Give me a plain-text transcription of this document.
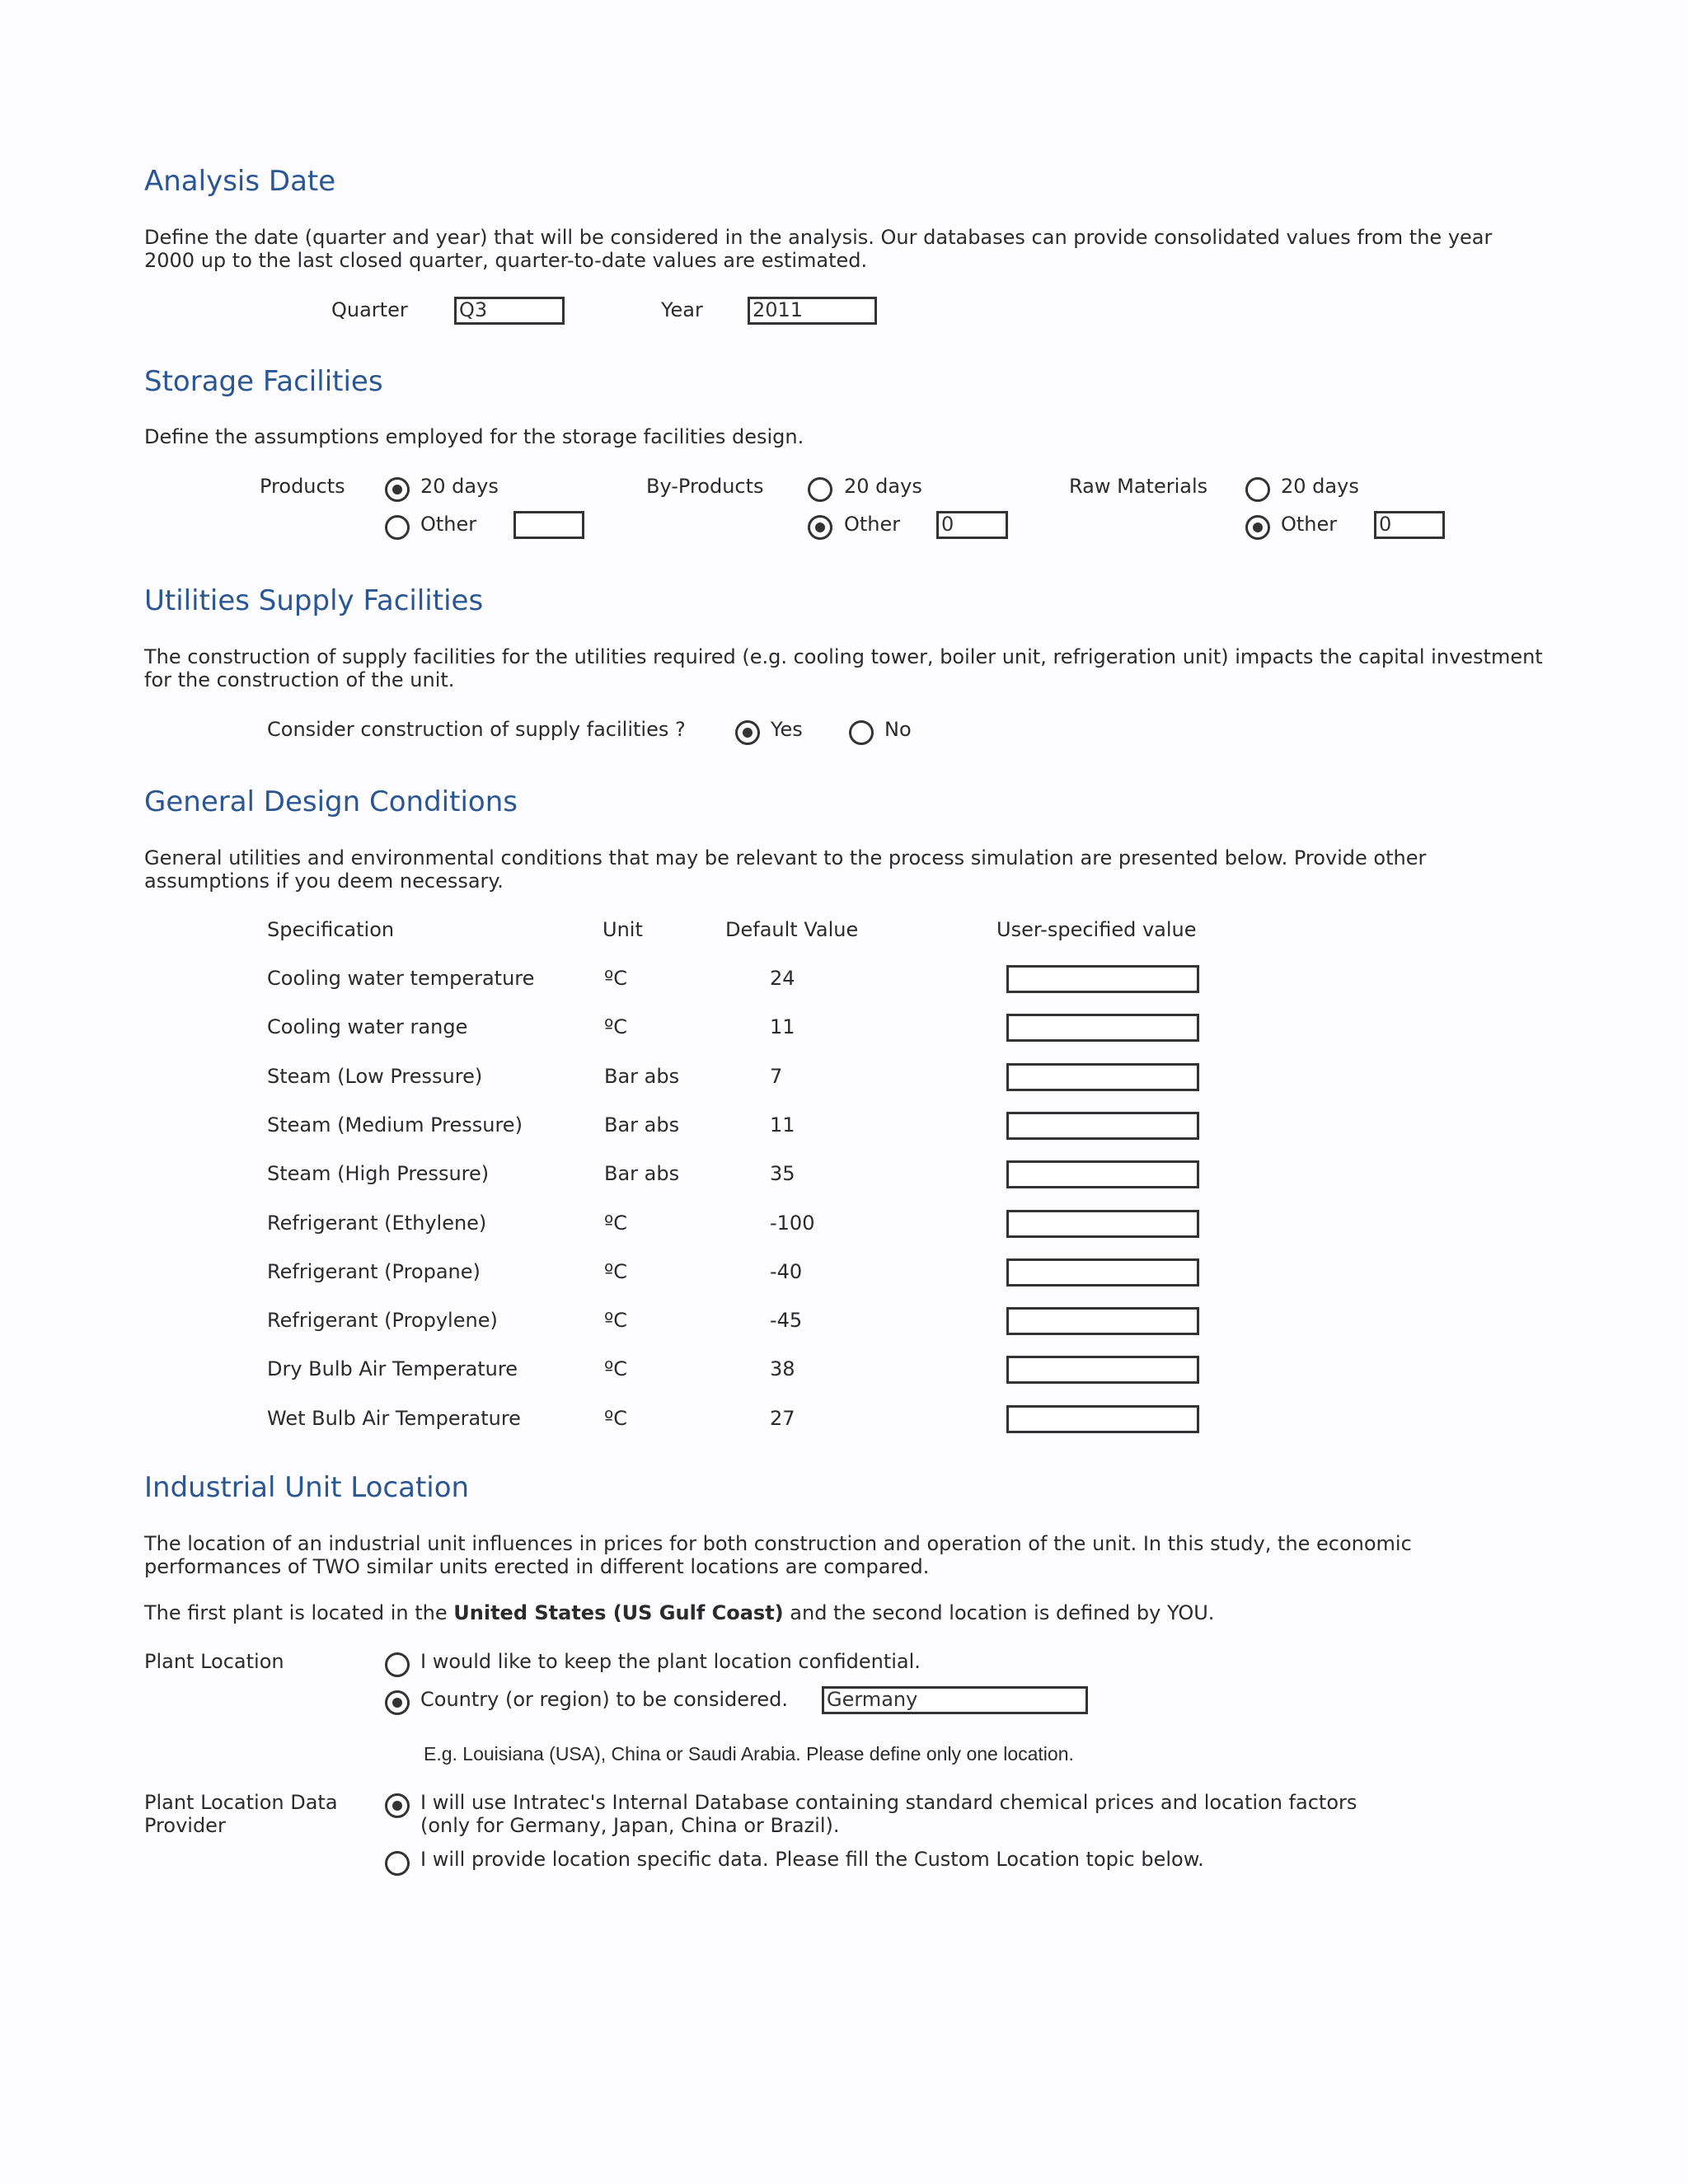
Analysis Date
Define the date (quarter and year) that will be considered in the analysis. Our databases can provide consolidated values from the year 2000 up to the last closed quarter, quarter-to-date values are estimated.
Quarter	Q3	Year	2011
Storage Facilities
Define the assumptions employed for the storage facilities design.
Products	20 days
Other
By-Products	20 days
Other 0
Raw Materials	20 days
Other 0
Utilities Supply Facilities
The construction of supply facilities for the utilities required (e.g. cooling tower, boiler unit, refrigeration unit) impacts the capital investment for the construction of the unit.
Consider construction of supply facilities ?	Yes	No
General Design Conditions
General utilities and environmental conditions that may be relevant to the process simulation are presented below. Provide other assumptions if you deem necessary.
Specification	Unit	Default Value	User-specified value
Cooling water temperature	ºC	24
Cooling water range	ºC	11
Steam (Low Pressure)	Bar abs	7
Steam (Medium Pressure)	Bar abs	11
Steam (High Pressure)	Bar abs	35
Refrigerant (Ethylene)	ºC	-100
Refrigerant (Propane)	ºC	-40
Refrigerant (Propylene)	ºC	-45
Dry Bulb Air Temperature	ºC	38
Wet Bulb Air Temperature	ºC	27
Industrial Unit Location
The location of an industrial unit influences in prices for both construction and operation of the unit. In this study, the economic performances of TWO similar units erected in different locations are compared.
The first plant is located in the United States (US Gulf Coast) and the second location is defined by YOU.
Plant Location	I would like to keep the plant location confidential.
Country (or region) to be considered. Germany
E.g. Louisiana (USA), China or Saudi Arabia. Please define only one location.
Plant Location Data Provider
I will use Intratec's Internal Database containing standard chemical prices and location factors (only for Germany, Japan, China or Brazil).
I will provide location specific data. Please fill the Custom Location topic below.
